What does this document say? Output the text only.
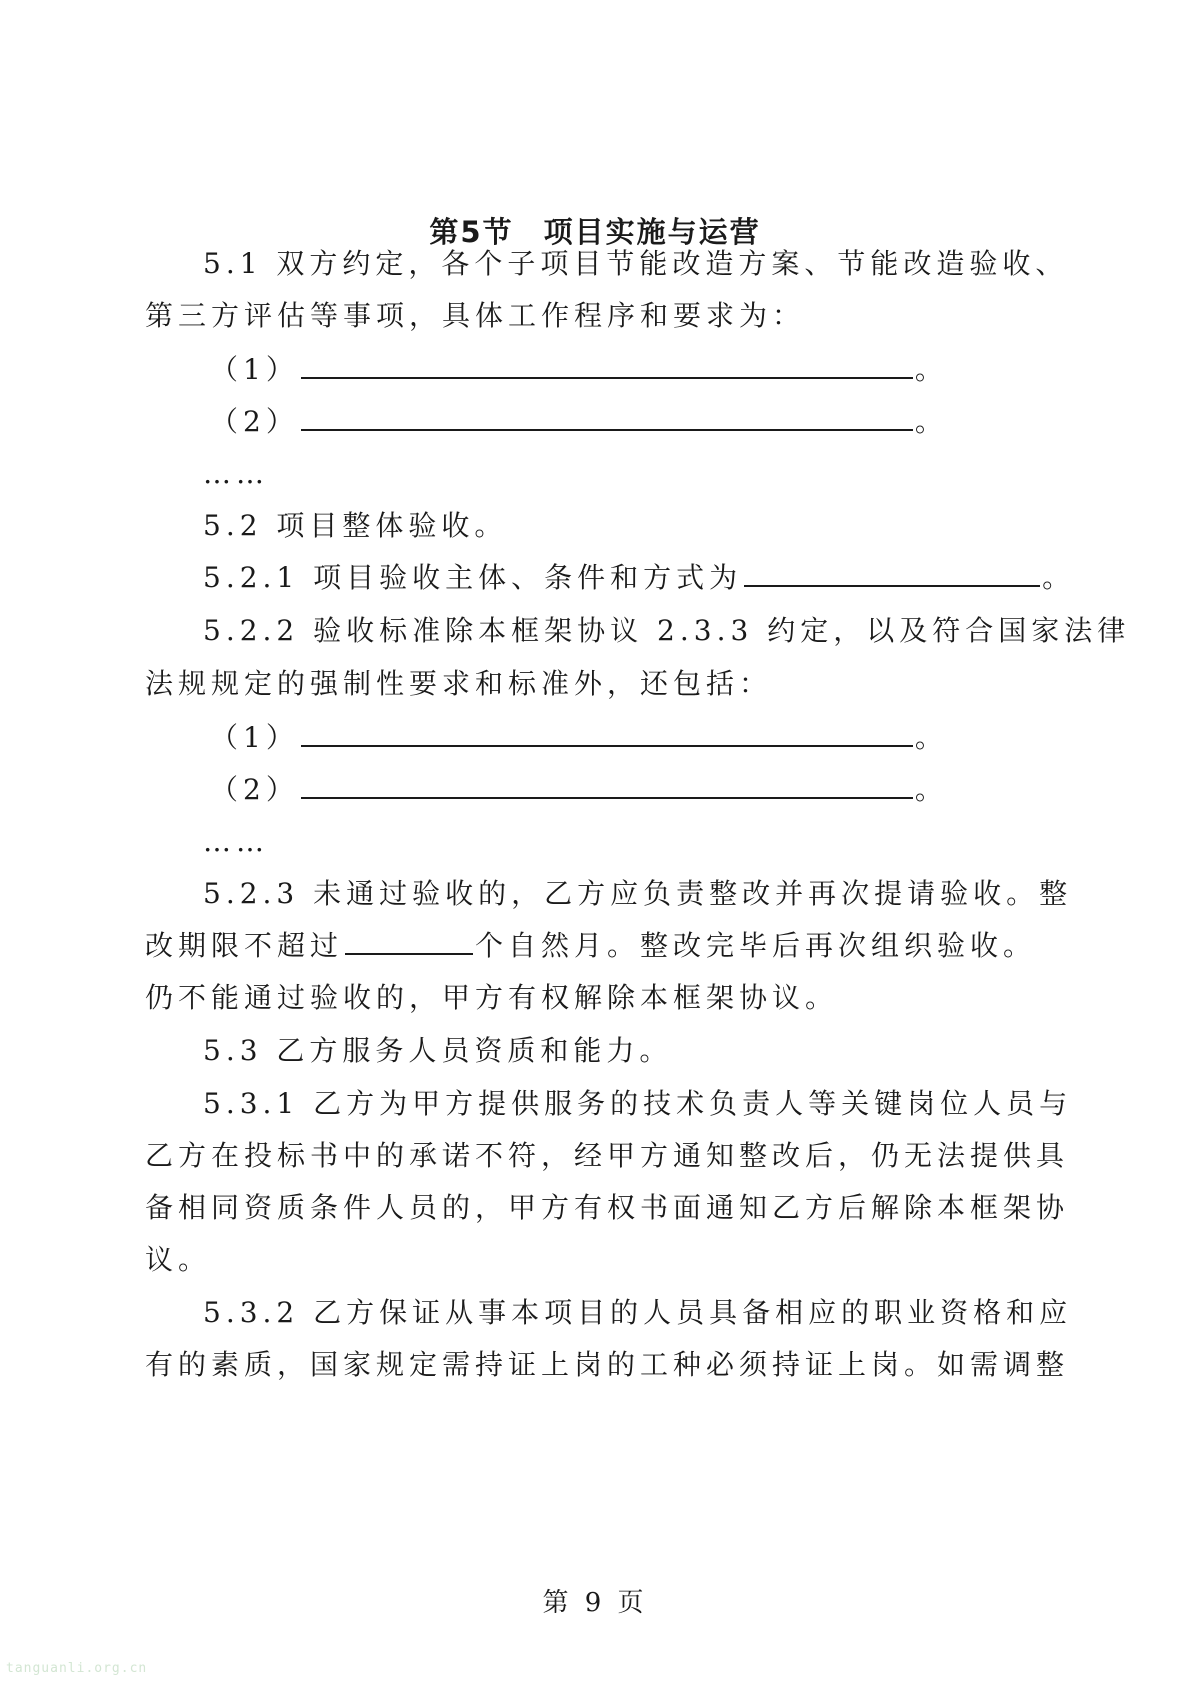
第5节 项目实施与运营
5.1 双方约定，各个子项目节能改造方案、节能改造验收、
第三方评估等事项，具体工作程序和要求为：
（1）	。
（2）	。
……
5.2 项目整体验收。
5.2.1 项目验收主体、条件和方式为	。
5.2.2 验收标准除本框架协议 2.3.3 约定，以及符合国家法律
法规规定的强制性要求和标准外，还包括：
（1）	。
（2）	。
……
5.2.3 未通过验收的，乙方应负责整改并再次提请验收。整
改期限不超过	个自然月。整改完毕后再次组织验收。
仍不能通过验收的，甲方有权解除本框架协议。
5.3 乙方服务人员资质和能力。
5.3.1 乙方为甲方提供服务的技术负责人等关键岗位人员与
乙方在投标书中的承诺不符，经甲方通知整改后，仍无法提供具
备相同资质条件人员的，甲方有权书面通知乙方后解除本框架协
议。
5.3.2 乙方保证从事本项目的人员具备相应的职业资格和应
有的素质，国家规定需持证上岗的工种必须持证上岗。如需调整
第 9 页
tanguanli.org.cn
